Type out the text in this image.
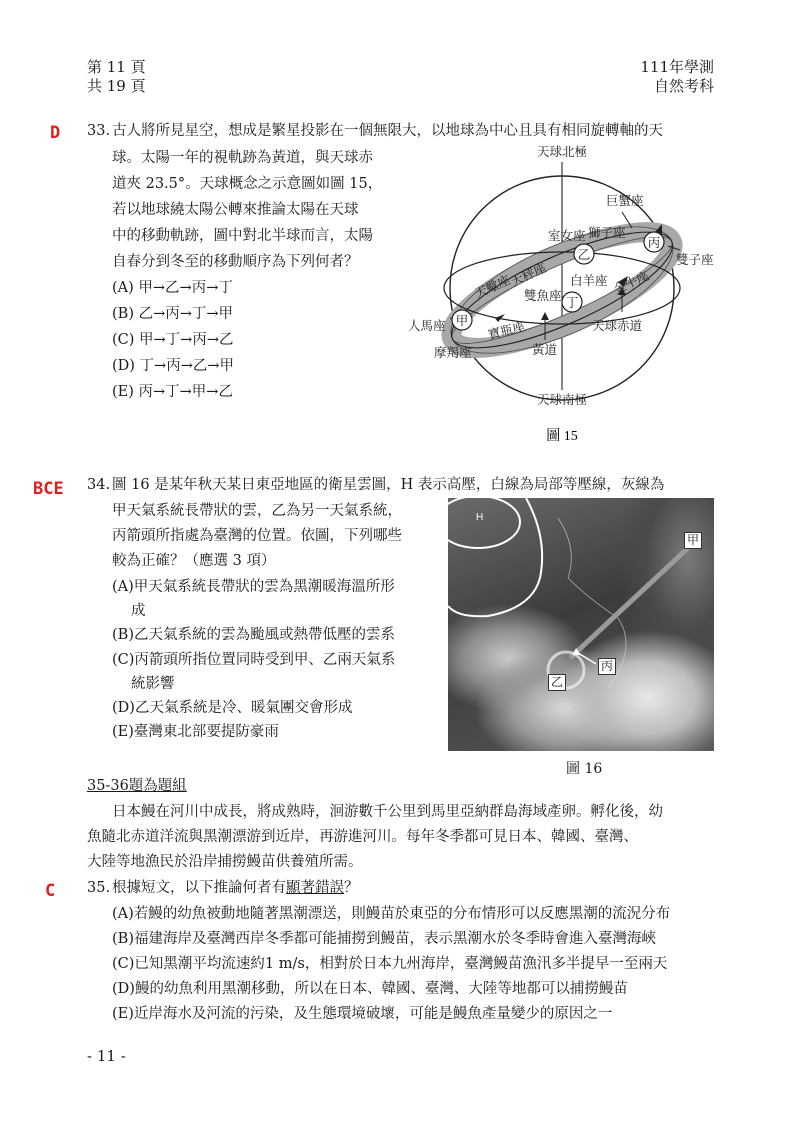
第 11 頁
共 19 頁
111年學測
自然考科
D 33. 古人將所見星空，想成是繁星投影在一個無限大，以地球為中心且具有相同旋轉軸的天
球。太陽一年的視軌跡為黃道，與天球赤
道夾 23.5°。天球概念之示意圖如圖 15，
若以地球繞太陽公轉來推論太陽在天球
中的移動軌跡，圖中對北半球而言，太陽
自春分到冬至的移動順序為下列何者？
(A) 甲→乙→丙→丁
(B) 乙→丙→丁→甲
(C) 甲→丁→丙→乙
(D) 丁→丙→乙→甲
(E) 丙→丁→甲→乙
甲
乙
丙
丁
天球北極
天球南極
巨蟹座
室女座 獅子座
雙子座
天蠍座
天秤座 白羊座 金牛座
雙魚座
人馬座	寶瓶座
摩羯座	黃道
天球赤道
圖 15
BCE 34. 圖 16 是某年秋天某日東亞地區的衛星雲圖，H 表示高壓，白線為局部等壓線，灰線為
甲天氣系統長帶狀的雲，乙為另一天氣系統，
丙箭頭所指處為臺灣的位置。依圖，下列哪些
較為正確？（應選 3 項）
(A)甲天氣系統長帶狀的雲為黑潮暖海溫所形
成
(B)乙天氣系統的雲為颱風或熱帶低壓的雲系
(C)丙箭頭所指位置同時受到甲、乙兩天氣系
統影響
(D)乙天氣系統是冷、暖氣團交會形成
(E)臺灣東北部要提防豪雨
H
甲
丙
乙
圖 16
35-36題為題組
日本鰻在河川中成長，將成熟時，洄游數千公里到馬里亞納群島海域產卵。孵化後，幼
魚隨北赤道洋流與黑潮漂游到近岸，再游進河川。每年冬季都可見日本、韓國、臺灣、
大陸等地漁民於沿岸捕撈鰻苗供養殖所需。
C 35. 根據短文，以下推論何者有顯著錯誤？
(A)若鰻的幼魚被動地隨著黑潮漂送，則鰻苗於東亞的分布情形可以反應黑潮的流況分布
(B)福建海岸及臺灣西岸冬季都可能捕撈到鰻苗，表示黑潮水於冬季時會進入臺灣海峽
(C)已知黑潮平均流速約1 m/s，相對於日本九州海岸，臺灣鰻苗漁汛多半提早一至兩天
(D)鰻的幼魚利用黑潮移動，所以在日本、韓國、臺灣、大陸等地都可以捕撈鰻苗
(E)近岸海水及河流的污染，及生態環境破壞，可能是鰻魚產量變少的原因之一
- 11 -
